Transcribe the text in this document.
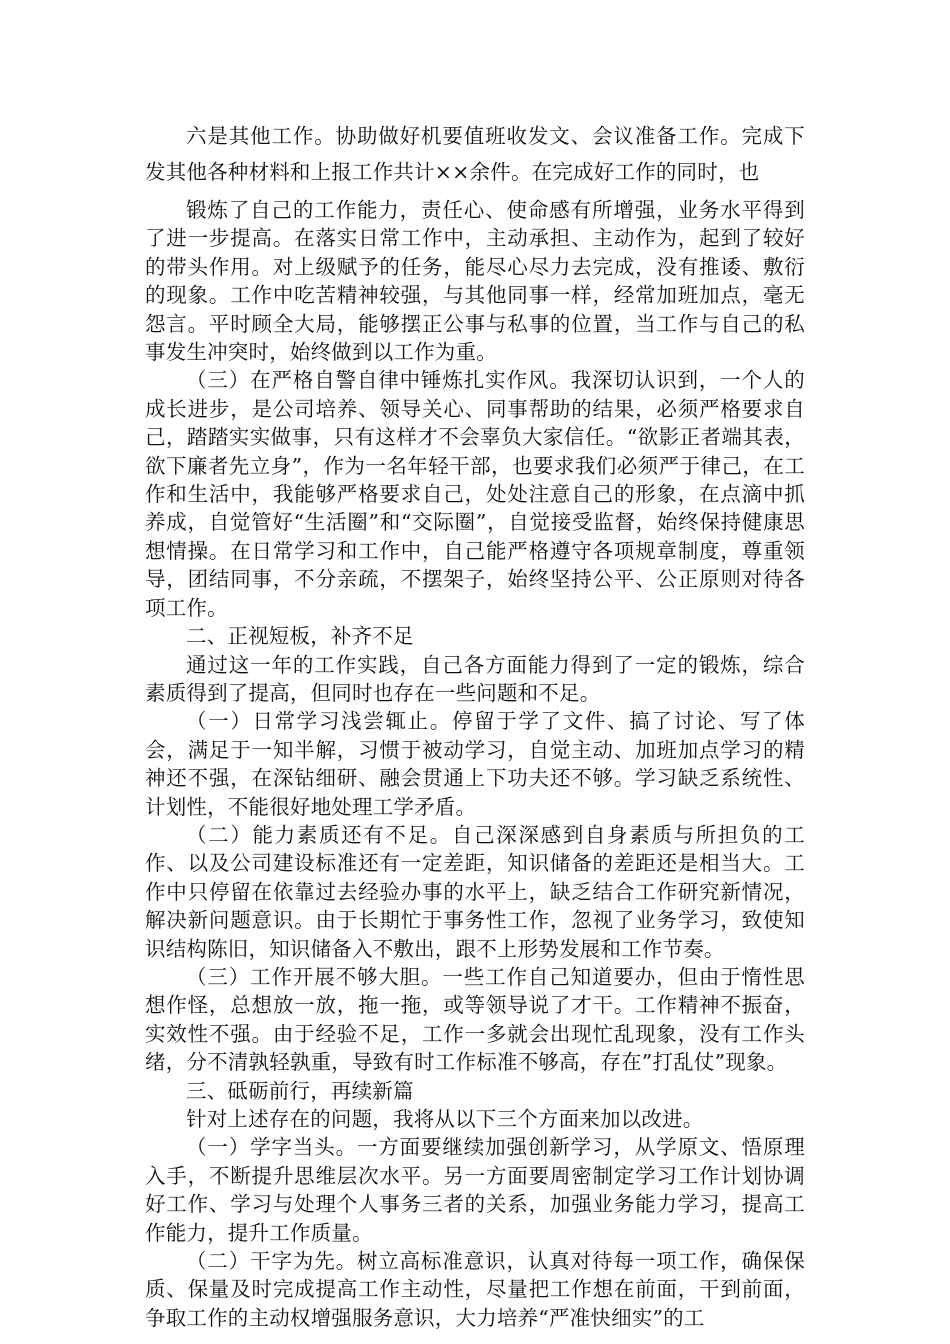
六是其他工作。协助做好机要值班收发文、会议准备工作。完成下发其他各种材料和上报工作共计××余件。在完成好工作的同时，也

锻炼了自己的工作能力，责任心、使命感有所增强，业务水平得到了进一步提高。在落实日常工作中，主动承担、主动作为，起到了较好的带头作用。对上级赋予的任务，能尽心尽力去完成，没有推诿、敷衍的现象。工作中吃苦精神较强，与其他同事一样，经常加班加点，毫无怨言。平时顾全大局，能够摆正公事与私事的位置，当工作与自己的私事发生冲突时，始终做到以工作为重。

（三）在严格自警自律中锤炼扎实作风。我深切认识到，一个人的成长进步，是公司培养、领导关心、同事帮助的结果，必须严格要求自己，踏踏实实做事，只有这样才不会辜负大家信任。“欲影正者端其表，欲下廉者先立身”，作为一名年轻干部，也要求我们必须严于律己，在工作和生活中，我能够严格要求自己，处处注意自己的形象，在点滴中抓养成，自觉管好“生活圈”和“交际圈”，自觉接受监督，始终保持健康思想情操。在日常学习和工作中，自己能严格遵守各项规章制度，尊重领导，团结同事，不分亲疏，不摆架子，始终坚持公平、公正原则对待各项工作。

二、正视短板，补齐不足

通过这一年的工作实践，自己各方面能力得到了一定的锻炼，综合素质得到了提高，但同时也存在一些问题和不足。

（一）日常学习浅尝辄止。停留于学了文件、搞了讨论、写了体会，满足于一知半解，习惯于被动学习，自觉主动、加班加点学习的精神还不强，在深钻细研、融会贯通上下功夫还不够。学习缺乏系统性、计划性，不能很好地处理工学矛盾。

（二）能力素质还有不足。自己深深感到自身素质与所担负的工作、以及公司建设标准还有一定差距，知识储备的差距还是相当大。工作中只停留在依靠过去经验办事的水平上，缺乏结合工作研究新情况，解决新问题意识。由于长期忙于事务性工作，忽视了业务学习，致使知识结构陈旧，知识储备入不敷出，跟不上形势发展和工作节奏。

（三）工作开展不够大胆。一些工作自己知道要办，但由于惰性思想作怪，总想放一放，拖一拖，或等领导说了才干。工作精神不振奋，实效性不强。由于经验不足，工作一多就会出现忙乱现象，没有工作头绪，分不清孰轻孰重，导致有时工作标准不够高，存在”打乱仗”现象。

三、砥砺前行，再续新篇

针对上述存在的问题，我将从以下三个方面来加以改进。

（一）学字当头。一方面要继续加强创新学习，从学原文、悟原理入手，不断提升思维层次水平。另一方面要周密制定学习工作计划协调好工作、学习与处理个人事务三者的关系，加强业务能力学习，提高工作能力，提升工作质量。

（二）干字为先。树立高标准意识，认真对待每一项工作，确保保质、保量及时完成提高工作主动性，尽量把工作想在前面，干到前面，争取工作的主动权增强服务意识，大力培养“严准快细实”的工
